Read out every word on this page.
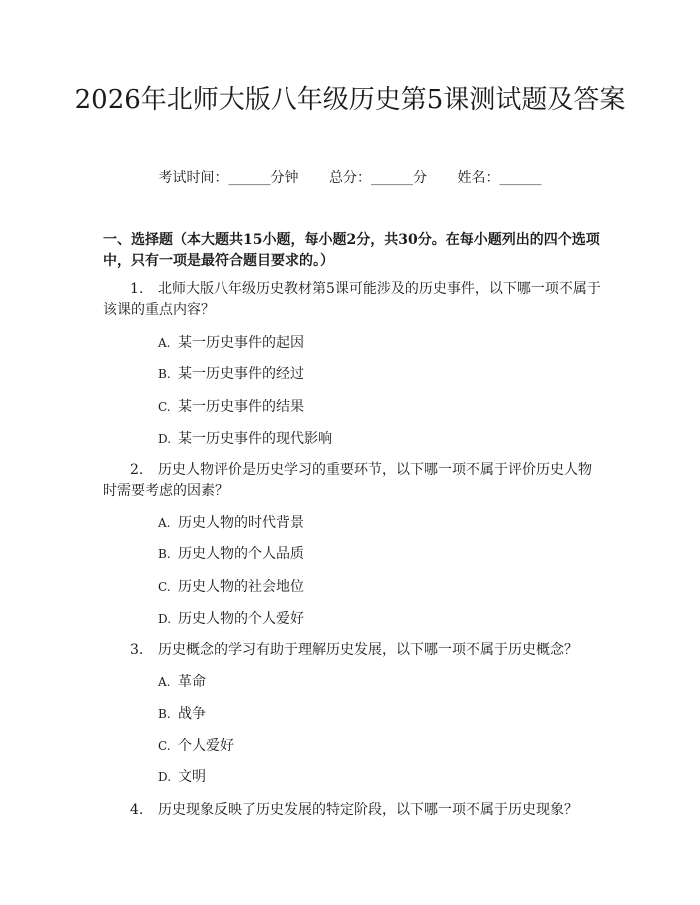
2026年北师大版八年级历史第5课测试题及答案
考试时间：______分钟 总分：______分 姓名：______

一、选择题（本大题共15小题，每小题2分，共30分。在每小题列出的四个选项中，只有一项是最符合题目要求的。）

1. 北师大版八年级历史教材第5课可能涉及的历史事件，以下哪一项不属于该课的重点内容？

A. 某一历史事件的起因

B. 某一历史事件的经过

C. 某一历史事件的结果

D. 某一历史事件的现代影响

2. 历史人物评价是历史学习的重要环节，以下哪一项不属于评价历史人物时需要考虑的因素？

A. 历史人物的时代背景

B. 历史人物的个人品质

C. 历史人物的社会地位

D. 历史人物的个人爱好

3. 历史概念的学习有助于理解历史发展，以下哪一项不属于历史概念？

A. 革命

B. 战争

C. 个人爱好

D. 文明

4. 历史现象反映了历史发展的特定阶段，以下哪一项不属于历史现象？
